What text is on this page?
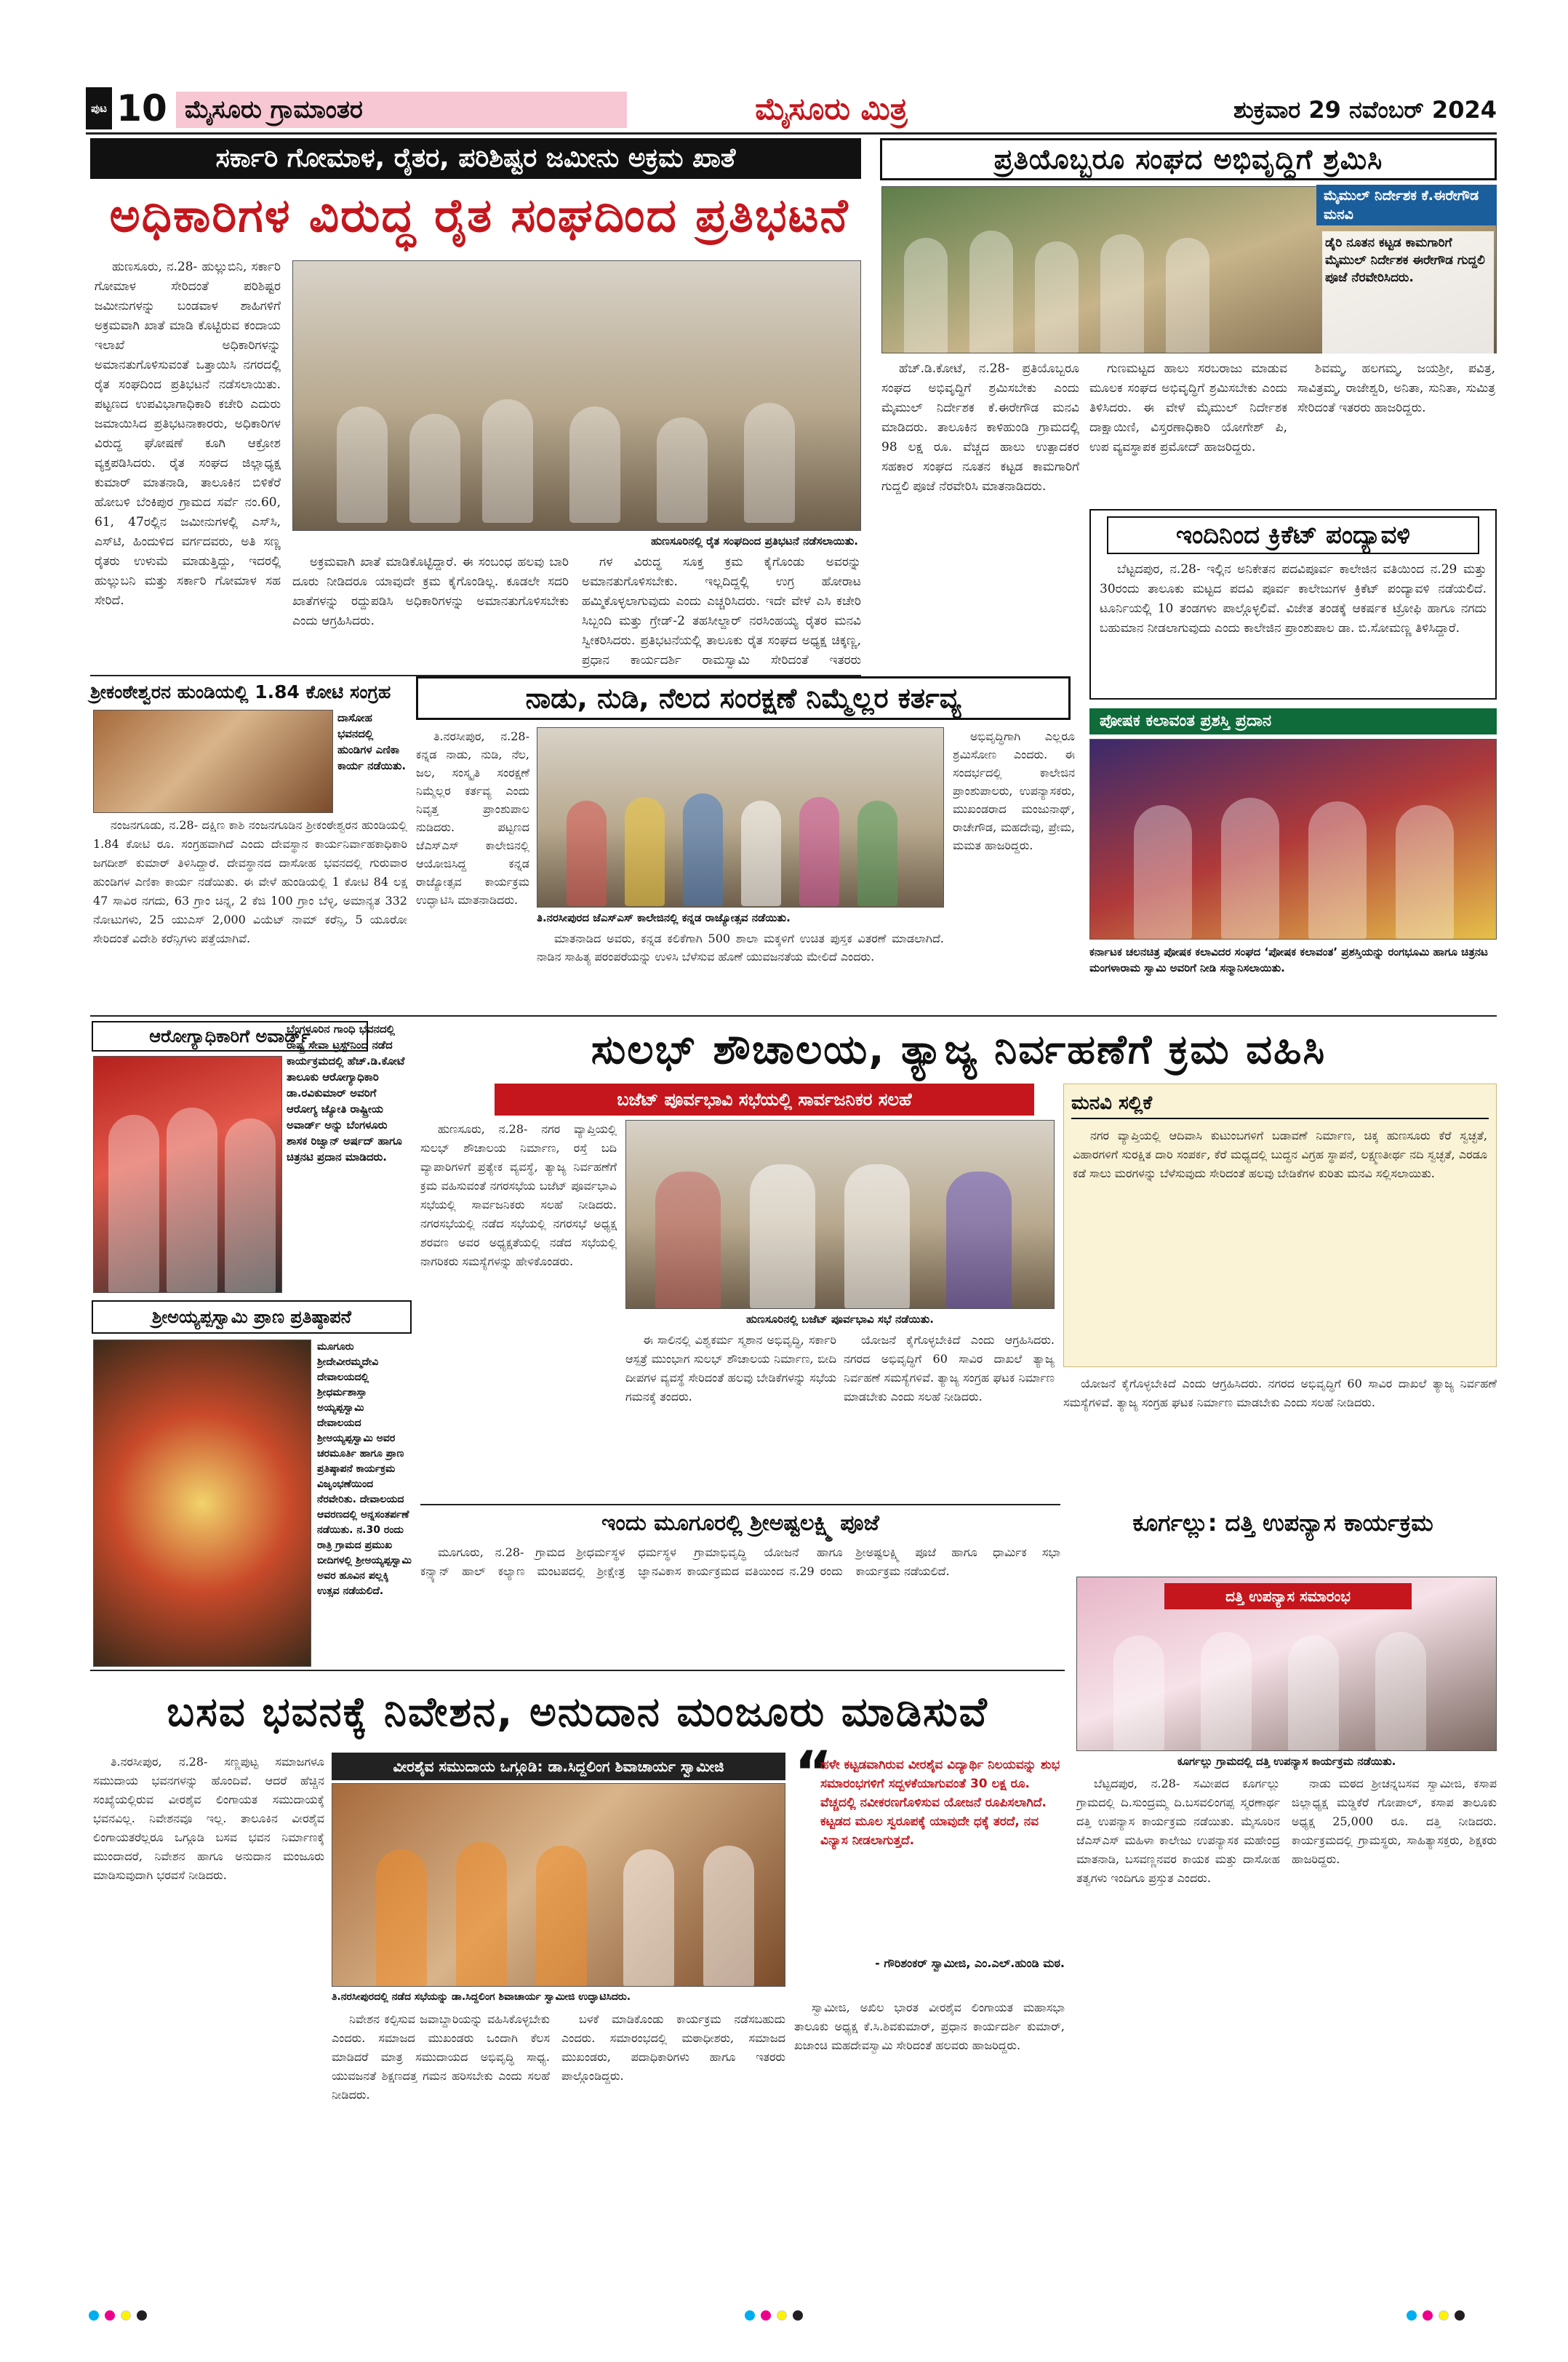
ಪುಟ 10 ಮೈಸೂರು ಗ್ರಾಮಾಂತರ	ಮೈಸೂರು ಮಿತ್ರ	ಶುಕ್ರವಾರ 29 ನವೆಂಬರ್ 2024
ಸರ್ಕಾರಿ ಗೋಮಾಳ, ರೈತರ, ಪರಿಶಿಷ್ಟರ ಜಮೀನು ಅಕ್ರಮ ಖಾತೆ
ಅಧಿಕಾರಿಗಳ ವಿರುದ್ಧ ರೈತ ಸಂಘದಿಂದ ಪ್ರತಿಭಟನೆ

ಹುಣಸೂರು, ನ.28- ಹುಲ್ಲುಬಿನಿ, ಸರ್ಕಾರಿ ಗೋಮಾಳ ಸೇರಿದಂತೆ ಪರಿಶಿಷ್ಟರ ಜಮೀನುಗಳನ್ನು ಬಂಡವಾಳ ಶಾಹಿಗಳಿಗೆ ಅಕ್ರಮವಾಗಿ ಖಾತೆ ಮಾಡಿ ಕೊಟ್ಟಿರುವ ಕಂದಾಯ ಇಲಾಖೆ ಅಧಿಕಾರಿಗಳನ್ನು ಅಮಾನತುಗೊಳಿಸುವಂತೆ ಒತ್ತಾಯಿಸಿ ನಗರದಲ್ಲಿ ರೈತ ಸಂಘದಿಂದ ಪ್ರತಿಭಟನೆ ನಡೆಸಲಾಯಿತು. ಪಟ್ಟಣದ ಉಪವಿಭಾಗಾಧಿಕಾರಿ ಕಚೇರಿ ಎದುರು ಜಮಾಯಿಸಿದ ಪ್ರತಿಭಟನಾಕಾರರು, ಅಧಿಕಾರಿಗಳ ವಿರುದ್ಧ ಘೋಷಣೆ ಕೂಗಿ ಆಕ್ರೋಶ ವ್ಯಕ್ತಪಡಿಸಿದರು. ರೈತ ಸಂಘದ ಜಿಲ್ಲಾಧ್ಯಕ್ಷ ಕುಮಾರ್ ಮಾತನಾಡಿ, ತಾಲೂಕಿನ ಬಿಳಿಕೆರೆ ಹೋಬಳಿ ಬೆಂಕಿಪುರ ಗ್ರಾಮದ ಸರ್ವೆ ನಂ.60, 61, 47ರಲ್ಲಿನ ಜಮೀನುಗಳಲ್ಲಿ ಎಸ್‌ಸಿ, ಎಸ್‌ಟಿ, ಹಿಂದುಳಿದ ವರ್ಗದವರು, ಅತಿ ಸಣ್ಣ ರೈತರು ಉಳುಮೆ ಮಾಡುತ್ತಿದ್ದು, ಇದರಲ್ಲಿ ಹುಲ್ಲುಬನಿ ಮತ್ತು ಸರ್ಕಾರಿ ಗೋಮಾಳ ಸಹ ಸೇರಿದೆ.

ಹುಣಸೂರಿನಲ್ಲಿ ರೈತ ಸಂಘದಿಂದ ಪ್ರತಿಭಟನೆ ನಡೆಸಲಾಯಿತು.

ಅಕ್ರಮವಾಗಿ ಖಾತೆ ಮಾಡಿಕೊಟ್ಟಿದ್ದಾರೆ. ಈ ಸಂಬಂಧ ಹಲವು ಬಾರಿ ದೂರು ನೀಡಿದರೂ ಯಾವುದೇ ಕ್ರಮ ಕೈಗೊಂಡಿಲ್ಲ. ಕೂಡಲೇ ಸದರಿ ಖಾತೆಗಳನ್ನು ರದ್ದುಪಡಿಸಿ ಅಧಿಕಾರಿಗಳನ್ನು ಅಮಾನತುಗೊಳಿಸಬೇಕು ಎಂದು ಆಗ್ರಹಿಸಿದರು.

ಗಳ ವಿರುದ್ಧ ಸೂಕ್ತ ಕ್ರಮ ಕೈಗೊಂಡು ಅವರನ್ನು ಅಮಾನತುಗೊಳಿಸಬೇಕು. ಇಲ್ಲದಿದ್ದಲ್ಲಿ ಉಗ್ರ ಹೋರಾಟ ಹಮ್ಮಿಕೊಳ್ಳಲಾಗುವುದು ಎಂದು ಎಚ್ಚರಿಸಿದರು. ಇದೇ ವೇಳೆ ಎಸಿ ಕಚೇರಿ ಸಿಬ್ಬಂದಿ ಮತ್ತು ಗ್ರೇಡ್-2 ತಹಸೀಲ್ದಾರ್ ನರಸಿಂಹಯ್ಯ ರೈತರ ಮನವಿ ಸ್ವೀಕರಿಸಿದರು. ಪ್ರತಿಭಟನೆಯಲ್ಲಿ ತಾಲೂಕು ರೈತ ಸಂಘದ ಅಧ್ಯಕ್ಷ ಚಿಕ್ಕಣ್ಣ, ಪ್ರಧಾನ ಕಾರ್ಯದರ್ಶಿ ರಾಮಸ್ವಾಮಿ ಸೇರಿದಂತೆ ಇತರರು

ಪ್ರತಿಯೊಬ್ಬರೂ ಸಂಘದ ಅಭಿವೃದ್ಧಿಗೆ ಶ್ರಮಿಸಿ
ಮೈಮುಲ್ ನಿರ್ದೇಶಕ ಕೆ.ಈರೇಗೌಡ ಮನವಿ
ಡೈರಿ ನೂತನ ಕಟ್ಟಡ ಕಾಮಗಾರಿಗೆ ಮೈಮುಲ್ ನಿರ್ದೇಶಕ ಈರೇಗೌಡ ಗುದ್ದಲಿ ಪೂಜೆ ನೆರವೇರಿಸಿದರು.

ಹೆಚ್.ಡಿ.ಕೋಟೆ, ನ.28- ಪ್ರತಿಯೊಬ್ಬರೂ ಸಂಘದ ಅಭಿವೃದ್ಧಿಗೆ ಶ್ರಮಿಸಬೇಕು ಎಂದು ಮೈಮುಲ್ ನಿರ್ದೇಶಕ ಕೆ.ಈರೇಗೌಡ ಮನವಿ ಮಾಡಿದರು. ತಾಲೂಕಿನ ಕಾಳಿಹುಂಡಿ ಗ್ರಾಮದಲ್ಲಿ 98 ಲಕ್ಷ ರೂ. ವೆಚ್ಚದ ಹಾಲು ಉತ್ಪಾದಕರ ಸಹಕಾರ ಸಂಘದ ನೂತನ ಕಟ್ಟಡ ಕಾಮಗಾರಿಗೆ ಗುದ್ದಲಿ ಪೂಜೆ ನೆರವೇರಿಸಿ ಮಾತನಾಡಿದರು.

ಗುಣಮಟ್ಟದ ಹಾಲು ಸರಬರಾಜು ಮಾಡುವ ಮೂಲಕ ಸಂಘದ ಅಭಿವೃದ್ಧಿಗೆ ಶ್ರಮಿಸಬೇಕು ಎಂದು ತಿಳಿಸಿದರು. ಈ ವೇಳೆ ಮೈಮುಲ್ ನಿರ್ದೇಶಕ ದಾಕ್ಷಾಯಿಣಿ, ವಿಸ್ತರಣಾಧಿಕಾರಿ ಯೋಗೇಶ್ ಪಿ, ಉಪ ವ್ಯವಸ್ಥಾಪಕ ಪ್ರಮೋದ್ ಹಾಜರಿದ್ದರು.

ಶಿವಮ್ಮ, ಹಲಗಮ್ಮ, ಜಯಶ್ರೀ, ಪವಿತ್ರ, ಸಾವಿತ್ರಮ್ಮ, ರಾಜೇಶ್ವರಿ, ಅನಿತಾ, ಸುನಿತಾ, ಸುಮಿತ್ರ ಸೇರಿದಂತೆ ಇತರರು ಹಾಜರಿದ್ದರು.

ಇಂದಿನಿಂದ ಕ್ರಿಕೆಟ್ ಪಂದ್ಯಾವಳಿ

ಬೆಟ್ಟದಪುರ, ನ.28- ಇಲ್ಲಿನ ಅನಿಕೇತನ ಪದವಿಪೂರ್ವ ಕಾಲೇಜಿನ ವತಿಯಿಂದ ನ.29 ಮತ್ತು 30ರಂದು ತಾಲೂಕು ಮಟ್ಟದ ಪದವಿ ಪೂರ್ವ ಕಾಲೇಜುಗಳ ಕ್ರಿಕೆಟ್ ಪಂದ್ಯಾವಳಿ ನಡೆಯಲಿದೆ. ಟೂರ್ನಿಯಲ್ಲಿ 10 ತಂಡಗಳು ಪಾಲ್ಗೊಳ್ಳಲಿವೆ. ವಿಜೇತ ತಂಡಕ್ಕೆ ಆಕರ್ಷಕ ಟ್ರೋಫಿ ಹಾಗೂ ನಗದು ಬಹುಮಾನ ನೀಡಲಾಗುವುದು ಎಂದು ಕಾಲೇಜಿನ ಪ್ರಾಂಶುಪಾಲ ಡಾ. ಬಿ.ಸೋಮಣ್ಣ ತಿಳಿಸಿದ್ದಾರೆ.

ಶ್ರೀಕಂಠೇಶ್ವರನ ಹುಂಡಿಯಲ್ಲಿ 1.84 ಕೋಟಿ ಸಂಗ್ರಹ
ದಾಸೋಹ ಭವನದಲ್ಲಿ ಹುಂಡಿಗಳ ಎಣಿಕಾ ಕಾರ್ಯ ನಡೆಯಿತು.

ನಂಜನಗೂಡು, ನ.28- ದಕ್ಷಿಣ ಕಾಶಿ ನಂಜನಗೂಡಿನ ಶ್ರೀಕಂಠೇಶ್ವರನ ಹುಂಡಿಯಲ್ಲಿ 1.84 ಕೋಟಿ ರೂ. ಸಂಗ್ರಹವಾಗಿದೆ ಎಂದು ದೇವಸ್ಥಾನ ಕಾರ್ಯನಿರ್ವಾಹಕಾಧಿಕಾರಿ ಜಗದೀಶ್ ಕುಮಾರ್ ತಿಳಿಸಿದ್ದಾರೆ. ದೇವಸ್ಥಾನದ ದಾಸೋಹ ಭವನದಲ್ಲಿ ಗುರುವಾರ ಹುಂಡಿಗಳ ಎಣಿಕಾ ಕಾರ್ಯ ನಡೆಯಿತು. ಈ ವೇಳೆ ಹುಂಡಿಯಲ್ಲಿ 1 ಕೋಟಿ 84 ಲಕ್ಷ 47 ಸಾವಿರ ನಗದು, 63 ಗ್ರಾಂ ಚಿನ್ನ, 2 ಕೆಜಿ 100 ಗ್ರಾಂ ಬೆಳ್ಳಿ, ಅಮಾನ್ಯತ 332 ನೋಟುಗಳು, 25 ಯುಎಸ್ 2,000 ವಿಯೆಟ್ ನಾಮ್ ಕರೆನ್ಸಿ, 5 ಯೂರೋ ಸೇರಿದಂತೆ ವಿದೇಶಿ ಕರೆನ್ಸಿಗಳು ಪತ್ತೆಯಾಗಿವೆ.

ನಾಡು, ನುಡಿ, ನೆಲದ ಸಂರಕ್ಷಣೆ ನಿಮ್ಮೆಲ್ಲರ ಕರ್ತವ್ಯ

ತಿ.ನರಸೀಪುರ, ನ.28- ಕನ್ನಡ ನಾಡು, ನುಡಿ, ನೆಲ, ಜಲ, ಸಂಸ್ಕೃತಿ ಸಂರಕ್ಷಣೆ ನಿಮ್ಮೆಲ್ಲರ ಕರ್ತವ್ಯ ಎಂದು ನಿವೃತ್ತ ಪ್ರಾಂಶುಪಾಲ ನುಡಿದರು. ಪಟ್ಟಣದ ಜೆಎಸ್ಎಸ್ ಕಾಲೇಜಿನಲ್ಲಿ ಆಯೋಜಿಸಿದ್ದ ಕನ್ನಡ ರಾಜ್ಯೋತ್ಸವ ಕಾರ್ಯಕ್ರಮ ಉದ್ಘಾಟಿಸಿ ಮಾತನಾಡಿದರು.

ತಿ.ನರಸೀಪುರದ ಜೆಎಸ್ಎಸ್ ಕಾಲೇಜಿನಲ್ಲಿ ಕನ್ನಡ ರಾಜ್ಯೋತ್ಸವ ನಡೆಯಿತು.

ಮಾತನಾಡಿದ ಅವರು, ಕನ್ನಡ ಕಲಿಕೆಗಾಗಿ 500 ಶಾಲಾ ಮಕ್ಕಳಿಗೆ ಉಚಿತ ಪುಸ್ತಕ ವಿತರಣೆ ಮಾಡಲಾಗಿದೆ. ನಾಡಿನ ಸಾಹಿತ್ಯ ಪರಂಪರೆಯನ್ನು ಉಳಿಸಿ ಬೆಳೆಸುವ ಹೊಣೆ ಯುವಜನತೆಯ ಮೇಲಿದೆ ಎಂದರು.

ಅಭಿವೃದ್ಧಿಗಾಗಿ ಎಲ್ಲರೂ ಶ್ರಮಿಸೋಣ ಎಂದರು. ಈ ಸಂದರ್ಭದಲ್ಲಿ ಕಾಲೇಜಿನ ಪ್ರಾಂಶುಪಾಲರು, ಉಪನ್ಯಾಸಕರು, ಮುಖಂಡರಾದ ಮಂಜುನಾಥ್, ರಾಚೇಗೌಡ, ಮಹದೇವು, ಪ್ರೇಮ, ಮಮತ ಹಾಜರಿದ್ದರು.

ಪೋಷಕ ಕಲಾವಂತ ಪ್ರಶಸ್ತಿ ಪ್ರದಾನ
ಕರ್ನಾಟಕ ಚಲನಚಿತ್ರ ಪೋಷಕ ಕಲಾವಿದರ ಸಂಘದ ‘ಪೋಷಕ ಕಲಾವಂತ’ ಪ್ರಶಸ್ತಿಯನ್ನು ರಂಗಭೂಮಿ ಹಾಗೂ ಚಿತ್ರನಟ ಮಂಗಳಾರಾಮ ಸ್ವಾಮಿ ಅವರಿಗೆ ನೀಡಿ ಸನ್ಮಾನಿಸಲಾಯಿತು.
ಆರೋಗ್ಯಾಧಿಕಾರಿಗೆ ಅವಾರ್ಡ್
ಬೆಂಗಳೂರಿನ ಗಾಂಧಿ ಭವನದಲ್ಲಿ ರಾಷ್ಟ್ರ ಸೇವಾ ಟ್ರಸ್ಟ್‌ನಿಂದ ನಡೆದ ಕಾರ್ಯಕ್ರಮದಲ್ಲಿ ಹೆಚ್.ಡಿ.ಕೋಟೆ ತಾಲೂಕು ಆರೋಗ್ಯಾಧಿಕಾರಿ ಡಾ.ರವಿಕುಮಾರ್ ಅವರಿಗೆ ಆರೋಗ್ಯ ಜ್ಯೋತಿ ರಾಷ್ಟ್ರೀಯ ಅವಾರ್ಡ್ ಅನ್ನು ಬೆಂಗಳೂರು ಶಾಸಕ ರಿಜ್ವಾನ್ ಅರ್ಷದ್ ಹಾಗೂ ಚಿತ್ರನಟಿ ಪ್ರದಾನ ಮಾಡಿದರು.
ಶ್ರೀಅಯ್ಯಪ್ಪಸ್ವಾಮಿ ಪ್ರಾಣ ಪ್ರತಿಷ್ಠಾಪನೆ
ಮೂಗೂರು ಶ್ರೀದೇವೀರಮ್ಮದೇವಿ ದೇವಾಲಯದಲ್ಲಿ ಶ್ರೀಧರ್ಮಶಾಸ್ತಾ ಅಯ್ಯಪ್ಪಸ್ವಾಮಿ ದೇವಾಲಯದ ಶ್ರೀಅಯ್ಯಪ್ಪಸ್ವಾಮಿ ಅವರ ಚರಮೂರ್ತಿ ಹಾಗೂ ಪ್ರಾಣ ಪ್ರತಿಷ್ಠಾಪನೆ ಕಾರ್ಯಕ್ರಮ ವಿಜೃಂಭಣೆಯಿಂದ ನೆರವೇರಿತು. ದೇವಾಲಯದ ಆವರಣದಲ್ಲಿ ಅನ್ನಸಂತರ್ಪಣೆ ನಡೆಯಿತು. ನ.30 ರಂದು ರಾತ್ರಿ ಗ್ರಾಮದ ಪ್ರಮುಖ ಬೀದಿಗಳಲ್ಲಿ ಶ್ರೀಅಯ್ಯಪ್ಪಸ್ವಾಮಿ ಅವರ ಹೂವಿನ ಪಲ್ಲಕ್ಕಿ ಉತ್ಸವ ನಡೆಯಲಿದೆ.
ಸುಲಭ್ ಶೌಚಾಲಯ, ತ್ಯಾಜ್ಯ ನಿರ್ವಹಣೆಗೆ ಕ್ರಮ ವಹಿಸಿ
ಬಜೆಟ್ ಪೂರ್ವಭಾವಿ ಸಭೆಯಲ್ಲಿ ಸಾರ್ವಜನಿಕರ ಸಲಹೆ

ಹುಣಸೂರು, ನ.28- ನಗರ ವ್ಯಾಪ್ತಿಯಲ್ಲಿ ಸುಲಭ್ ಶೌಚಾಲಯ ನಿರ್ಮಾಣ, ರಸ್ತೆ ಬದಿ ವ್ಯಾಪಾರಿಗಳಿಗೆ ಪ್ರತ್ಯೇಕ ವ್ಯವಸ್ಥೆ, ತ್ಯಾಜ್ಯ ನಿರ್ವಹಣೆಗೆ ಕ್ರಮ ವಹಿಸುವಂತೆ ನಗರಸಭೆಯ ಬಜೆಟ್ ಪೂರ್ವಭಾವಿ ಸಭೆಯಲ್ಲಿ ಸಾರ್ವಜನಿಕರು ಸಲಹೆ ನೀಡಿದರು. ನಗರಸಭೆಯಲ್ಲಿ ನಡೆದ ಸಭೆಯಲ್ಲಿ ನಗರಸಭೆ ಅಧ್ಯಕ್ಷ ಶರವಣ ಅವರ ಅಧ್ಯಕ್ಷತೆಯಲ್ಲಿ ನಡೆದ ಸಭೆಯಲ್ಲಿ ನಾಗರಿಕರು ಸಮಸ್ಯೆಗಳನ್ನು ಹೇಳಿಕೊಂಡರು.

ಹುಣಸೂರಿನಲ್ಲಿ ಬಜೆಟ್ ಪೂರ್ವಭಾವಿ ಸಭೆ ನಡೆಯಿತು.

ಈ ಸಾಲಿನಲ್ಲಿ ವಿಶ್ವಕರ್ಮ ಸ್ಮಶಾನ ಅಭಿವೃದ್ಧಿ, ಸರ್ಕಾರಿ ಆಸ್ಪತ್ರೆ ಮುಂಭಾಗ ಸುಲಭ್ ಶೌಚಾಲಯ ನಿರ್ಮಾಣ, ಬೀದಿ ದೀಪಗಳ ವ್ಯವಸ್ಥೆ ಸೇರಿದಂತೆ ಹಲವು ಬೇಡಿಕೆಗಳನ್ನು ಸಭೆಯ ಗಮನಕ್ಕೆ ತಂದರು.

ಯೋಜನೆ ಕೈಗೊಳ್ಳಬೇಕಿದೆ ಎಂದು ಆಗ್ರಹಿಸಿದರು. ನಗರದ ಅಭಿವೃದ್ಧಿಗೆ 60 ಸಾವಿರ ದಾಖಲೆ ತ್ಯಾಜ್ಯ ನಿರ್ವಹಣೆ ಸಮಸ್ಯೆಗಳಿವೆ. ತ್ಯಾಜ್ಯ ಸಂಗ್ರಹ ಘಟಕ ನಿರ್ಮಾಣ ಮಾಡಬೇಕು ಎಂದು ಸಲಹೆ ನೀಡಿದರು.

ಮನವಿ ಸಲ್ಲಿಕೆ

ನಗರ ವ್ಯಾಪ್ತಿಯಲ್ಲಿ ಆದಿವಾಸಿ ಕುಟುಂಬಗಳಿಗೆ ಬಡಾವಣೆ ನಿರ್ಮಾಣ, ಚಿಕ್ಕ ಹುಣಸೂರು ಕೆರೆ ಸ್ವಚ್ಛತೆ, ವಿಹಾರಗಳಿಗೆ ಸುರಕ್ಷಿತ ದಾರಿ ಸಂಪರ್ಕ, ಕೆರೆ ಮಧ್ಯದಲ್ಲಿ ಬುದ್ಧನ ವಿಗ್ರಹ ಸ್ಥಾಪನೆ, ಲಕ್ಷ್ಮಣತೀರ್ಥ ನದಿ ಸ್ವಚ್ಛತೆ, ಎರಡೂ ಕಡೆ ಸಾಲು ಮರಗಳನ್ನು ಬೆಳೆಸುವುದು ಸೇರಿದಂತೆ ಹಲವು ಬೇಡಿಕೆಗಳ ಕುರಿತು ಮನವಿ ಸಲ್ಲಿಸಲಾಯಿತು.

ಯೋಜನೆ ಕೈಗೊಳ್ಳಬೇಕಿದೆ ಎಂದು ಆಗ್ರಹಿಸಿದರು. ನಗರದ ಅಭಿವೃದ್ಧಿಗೆ 60 ಸಾವಿರ ದಾಖಲೆ ತ್ಯಾಜ್ಯ ನಿರ್ವಹಣೆ ಸಮಸ್ಯೆಗಳಿವೆ. ತ್ಯಾಜ್ಯ ಸಂಗ್ರಹ ಘಟಕ ನಿರ್ಮಾಣ ಮಾಡಬೇಕು ಎಂದು ಸಲಹೆ ನೀಡಿದರು.

ಇಂದು ಮೂಗೂರಲ್ಲಿ ಶ್ರೀಅಷ್ಟಲಕ್ಷ್ಮಿ ಪೂಜೆ

ಮೂಗೂರು, ನ.28- ಗ್ರಾಮದ ಶ್ರೀಧರ್ಮಸ್ಥಳ ಕನ್ಸ್ಯಾನ್ ಹಾಲ್ ಕಲ್ಯಾಣ ಮಂಟಪದಲ್ಲಿ ಶ್ರೀಕ್ಷೇತ್ರ ಧರ್ಮಸ್ಥಳ ಗ್ರಾಮಾಭಿವೃದ್ಧಿ ಯೋಜನೆ ಹಾಗೂ ಜ್ಞಾನವಿಕಾಸ ಕಾರ್ಯಕ್ರಮದ ವತಿಯಿಂದ ನ.29 ರಂದು ಶ್ರೀಅಷ್ಟಲಕ್ಷ್ಮಿ ಪೂಜೆ ಹಾಗೂ ಧಾರ್ಮಿಕ ಸಭಾ ಕಾರ್ಯಕ್ರಮ ನಡೆಯಲಿದೆ.

ಕೂರ್ಗಲ್ಲು: ದತ್ತಿ ಉಪನ್ಯಾಸ ಕಾರ್ಯಕ್ರಮ
ದತ್ತಿ ಉಪನ್ಯಾಸ ಸಮಾರಂಭ
ಕೂರ್ಗಲ್ಲು ಗ್ರಾಮದಲ್ಲಿ ದತ್ತಿ ಉಪನ್ಯಾಸ ಕಾರ್ಯಕ್ರಮ ನಡೆಯಿತು.

ಬೆಟ್ಟದಪುರ, ನ.28- ಸಮೀಪದ ಕೂರ್ಗಲ್ಲು ಗ್ರಾಮದಲ್ಲಿ ದಿ.ಸುಂದ್ರಮ್ಮ ದಿ.ಬಸವಲಿಂಗಪ್ಪ ಸ್ಮರಣಾರ್ಥ ದತ್ತಿ ಉಪನ್ಯಾಸ ಕಾರ್ಯಕ್ರಮ ನಡೆಯಿತು. ಮೈಸೂರಿನ ಜೆಎಸ್ಎಸ್ ಮಹಿಳಾ ಕಾಲೇಜು ಉಪನ್ಯಾಸಕ ಮಹೇಂದ್ರ ಮಾತನಾಡಿ, ಬಸವಣ್ಣನವರ ಕಾಯಕ ಮತ್ತು ದಾಸೋಹ ತತ್ವಗಳು ಇಂದಿಗೂ ಪ್ರಸ್ತುತ ಎಂದರು.

ನಾಡು ಮಠದ ಶ್ರೀಚನ್ನಬಸವ ಸ್ವಾಮೀಜಿ, ಕಸಾಪ ಜಿಲ್ಲಾಧ್ಯಕ್ಷ ಮಡ್ಡಿಕೆರೆ ಗೋಪಾಲ್, ಕಸಾಪ ತಾಲೂಕು ಅಧ್ಯಕ್ಷ 25,000 ರೂ. ದತ್ತಿ ನೀಡಿದರು. ಕಾರ್ಯಕ್ರಮದಲ್ಲಿ ಗ್ರಾಮಸ್ಥರು, ಸಾಹಿತ್ಯಾಸಕ್ತರು, ಶಿಕ್ಷಕರು ಹಾಜರಿದ್ದರು.

ಬಸವ ಭವನಕ್ಕೆ ನಿವೇಶನ, ಅನುದಾನ ಮಂಜೂರು ಮಾಡಿಸುವೆ

ತಿ.ನರಸೀಪುರ, ನ.28- ಸಣ್ಣಪುಟ್ಟ ಸಮಾಜಗಳೂ ಸಮುದಾಯ ಭವನಗಳನ್ನು ಹೊಂದಿವೆ. ಆದರೆ ಹೆಚ್ಚಿನ ಸಂಖ್ಯೆಯಲ್ಲಿರುವ ವೀರಶೈವ ಲಿಂಗಾಯತ ಸಮುದಾಯಕ್ಕೆ ಭವನವಿಲ್ಲ. ನಿವೇಶನವೂ ಇಲ್ಲ. ತಾಲೂಕಿನ ವೀರಶೈವ ಲಿಂಗಾಯತರೆಲ್ಲರೂ ಒಗ್ಗೂಡಿ ಬಸವ ಭವನ ನಿರ್ಮಾಣಕ್ಕೆ ಮುಂದಾದರೆ, ನಿವೇಶನ ಹಾಗೂ ಅನುದಾನ ಮಂಜೂರು ಮಾಡಿಸುವುದಾಗಿ ಭರವಸೆ ನೀಡಿದರು.

ವೀರಶೈವ ಸಮುದಾಯ ಒಗ್ಗೂಡಿ: ಡಾ.ಸಿದ್ದಲಿಂಗ ಶಿವಾಚಾರ್ಯ ಸ್ವಾಮೀಜಿ
ತಿ.ನರಸೀಪುರದಲ್ಲಿ ನಡೆದ ಸಭೆಯನ್ನು ಡಾ.ಸಿದ್ದಲಿಂಗ ಶಿವಾಚಾರ್ಯ ಸ್ವಾಮೀಜಿ ಉದ್ಘಾಟಿಸಿದರು.

ನಿವೇಶನ ಕಲ್ಪಿಸುವ ಜವಾಬ್ದಾರಿಯನ್ನು ವಹಿಸಿಕೊಳ್ಳಬೇಕು ಎಂದರು. ಸಮಾಜದ ಮುಖಂಡರು ಒಂದಾಗಿ ಕೆಲಸ ಮಾಡಿದರೆ ಮಾತ್ರ ಸಮುದಾಯದ ಅಭಿವೃದ್ಧಿ ಸಾಧ್ಯ. ಯುವಜನತೆ ಶಿಕ್ಷಣದತ್ತ ಗಮನ ಹರಿಸಬೇಕು ಎಂದು ಸಲಹೆ ನೀಡಿದರು.

ಬಳಕೆ ಮಾಡಿಕೊಂಡು ಕಾರ್ಯಕ್ರಮ ನಡೆಸಬಹುದು ಎಂದರು. ಸಮಾರಂಭದಲ್ಲಿ ಮಠಾಧೀಶರು, ಸಮಾಜದ ಮುಖಂಡರು, ಪದಾಧಿಕಾರಿಗಳು ಹಾಗೂ ಇತರರು ಪಾಲ್ಗೊಂಡಿದ್ದರು.

“
ಹಳೇ ಕಟ್ಟಡವಾಗಿರುವ ವೀರಶೈವ ವಿದ್ಯಾರ್ಥಿ ನಿಲಯವನ್ನು ಶುಭ ಸಮಾರಂಭಗಳಿಗೆ ಸದ್ಬಳಕೆಯಾಗುವಂತೆ 30 ಲಕ್ಷ ರೂ. ವೆಚ್ಚದಲ್ಲಿ ನವೀಕರಣಗೊಳಿಸುವ ಯೋಜನೆ ರೂಪಿಸಲಾಗಿದೆ. ಕಟ್ಟಡದ ಮೂಲ ಸ್ವರೂಪಕ್ಕೆ ಯಾವುದೇ ಧಕ್ಕೆ ತರದೆ, ನವ ವಿನ್ಯಾಸ ನೀಡಲಾಗುತ್ತದೆ.
- ಗೌರಿಶಂಕರ್ ಸ್ವಾಮೀಜಿ, ಎಂ.ಎಲ್.ಹುಂಡಿ ಮಠ.

ಸ್ವಾಮೀಜಿ, ಅಖಿಲ ಭಾರತ ವೀರಶೈವ ಲಿಂಗಾಯತ ಮಹಾಸಭಾ ತಾಲೂಕು ಅಧ್ಯಕ್ಷ ಕೆ.ಸಿ.ಶಿವಕುಮಾರ್, ಪ್ರಧಾನ ಕಾರ್ಯದರ್ಶಿ ಕುಮಾರ್, ಖಜಾಂಚಿ ಮಹದೇವಸ್ವಾಮಿ ಸೇರಿದಂತೆ ಹಲವರು ಹಾಜರಿದ್ದರು.
